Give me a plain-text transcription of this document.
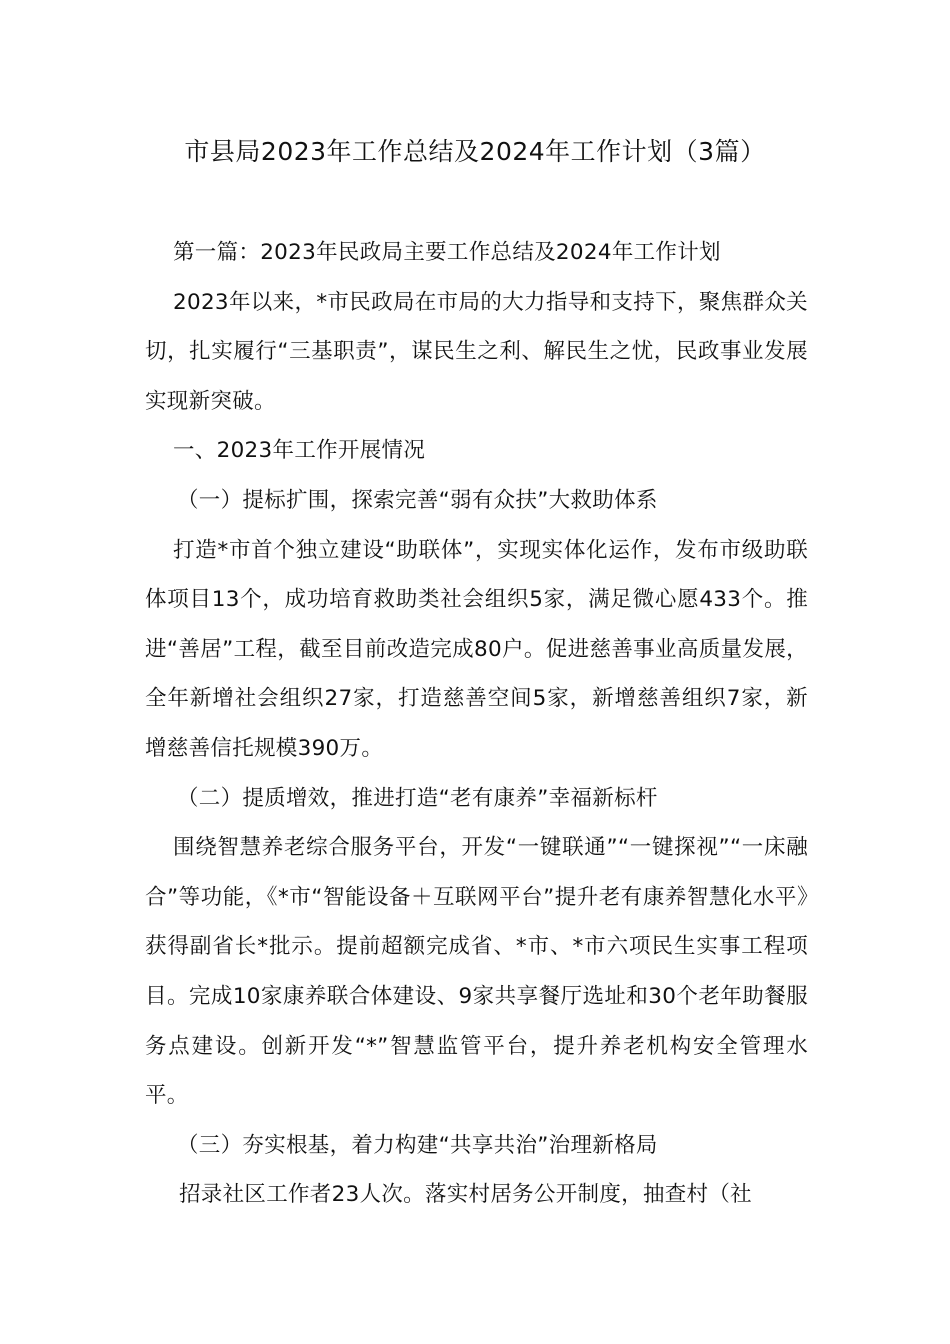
市县局2023年工作总结及2024年工作计划（3篇）

第一篇：2023年民政局主要工作总结及2024年工作计划

2023年以来，*市民政局在市局的大力指导和支持下，聚焦群众关切，扎实履行“三基职责”，谋民生之利、解民生之忧，民政事业发展实现新突破。

一、2023年工作开展情况

（一）提标扩围，探索完善“弱有众扶”大救助体系

打造*市首个独立建设“助联体”，实现实体化运作，发布市级助联体项目13个，成功培育救助类社会组织5家，满足微心愿433个。推进“善居”工程，截至目前改造完成80户。促进慈善事业高质量发展，全年新增社会组织27家，打造慈善空间5家，新增慈善组织7家，新增慈善信托规模390万。

（二）提质增效，推进打造“老有康养”幸福新标杆

围绕智慧养老综合服务平台，开发“一键联通”“一键探视”“一床融合”等功能，《*市“智能设备＋互联网平台”提升老有康养智慧化水平》获得副省长*批示。提前超额完成省、*市、*市六项民生实事工程项目。完成10家康养联合体建设、9家共享餐厅选址和30个老年助餐服务点建设。创新开发“*”智慧监管平台，提升养老机构安全管理水平。

（三）夯实根基，着力构建“共享共治”治理新格局

招录社区工作者23人次。落实村居务公开制度，抽查村（社
